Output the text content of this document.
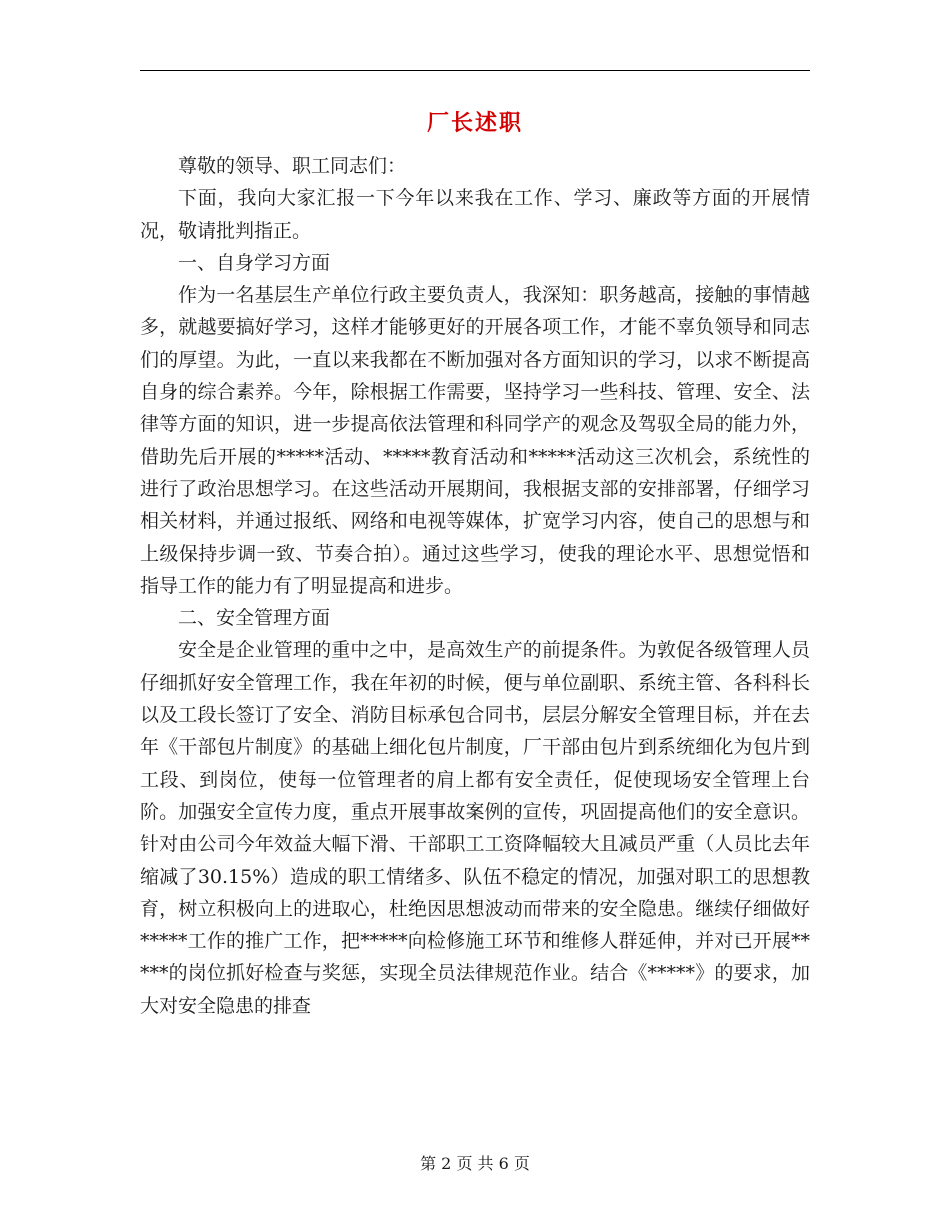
厂长述职

尊敬的领导、职工同志们：

下面，我向大家汇报一下今年以来我在工作、学习、廉政等方面的开展情况，敬请批判指正。

一、自身学习方面

作为一名基层生产单位行政主要负责人，我深知：职务越高，接触的事情越多，就越要搞好学习，这样才能够更好的开展各项工作，才能不辜负领导和同志们的厚望。为此，一直以来我都在不断加强对各方面知识的学习，以求不断提高自身的综合素养。今年，除根据工作需要，坚持学习一些科技、管理、安全、法律等方面的知识，进一步提高依法管理和科同学产的观念及驾驭全局的能力外，借助先后开展的*****活动、*****教育活动和*****活动这三次机会，系统性的进行了政治思想学习。在这些活动开展期间，我根据支部的安排部署，仔细学习相关材料，并通过报纸、网络和电视等媒体，扩宽学习内容，使自己的思想与和上级保持步调一致、节奏合拍）。通过这些学习，使我的理论水平、思想觉悟和指导工作的能力有了明显提高和进步。

二、安全管理方面

安全是企业管理的重中之中，是高效生产的前提条件。为敦促各级管理人员仔细抓好安全管理工作，我在年初的时候，便与单位副职、系统主管、各科科长以及工段长签订了安全、消防目标承包合同书，层层分解安全管理目标，并在去年《干部包片制度》的基础上细化包片制度，厂干部由包片到系统细化为包片到工段、到岗位，使每一位管理者的肩上都有安全责任，促使现场安全管理上台阶。加强安全宣传力度，重点开展事故案例的宣传，巩固提高他们的安全意识。针对由公司今年效益大幅下滑、干部职工工资降幅较大且减员严重（人员比去年缩减了30.15%）造成的职工情绪多、队伍不稳定的情况，加强对职工的思想教育，树立积极向上的进取心，杜绝因思想波动而带来的安全隐患。继续仔细做好*****工作的推广工作，把*****向检修施工环节和维修人群延伸，并对已开展*****的岗位抓好检查与奖惩，实现全员法律规范作业。结合《*****》的要求，加大对安全隐患的排查

第 2 页 共 6 页
